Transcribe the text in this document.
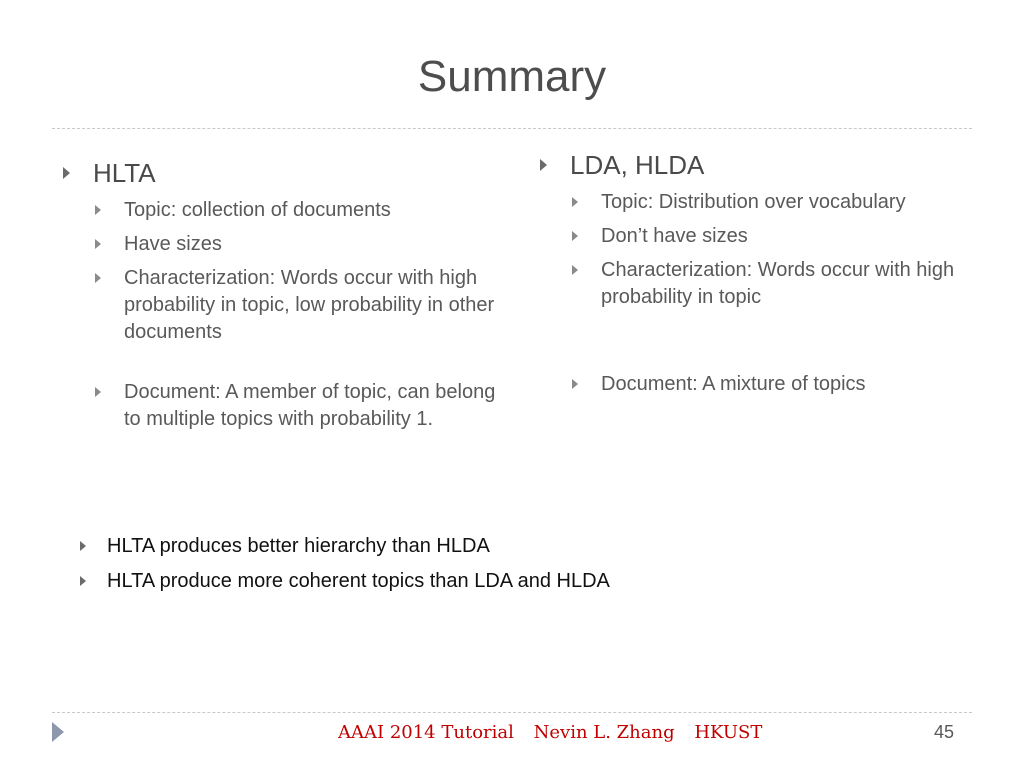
Summary
HLTA
Topic: collection of documents
Have sizes
Characterization: Words occur with high probability in topic, low probability in other documents
Document: A member of topic, can belong to multiple topics with probability 1.
LDA, HLDA
Topic: Distribution over vocabulary
Don’t have sizes
Characterization: Words occur with high probability in topic
Document: A mixture of topics
HLTA produces better hierarchy than HLDA
HLTA produce more coherent topics than LDA and HLDA
AAAI 2014 Tutorial Nevin L. Zhang HKUST	45
